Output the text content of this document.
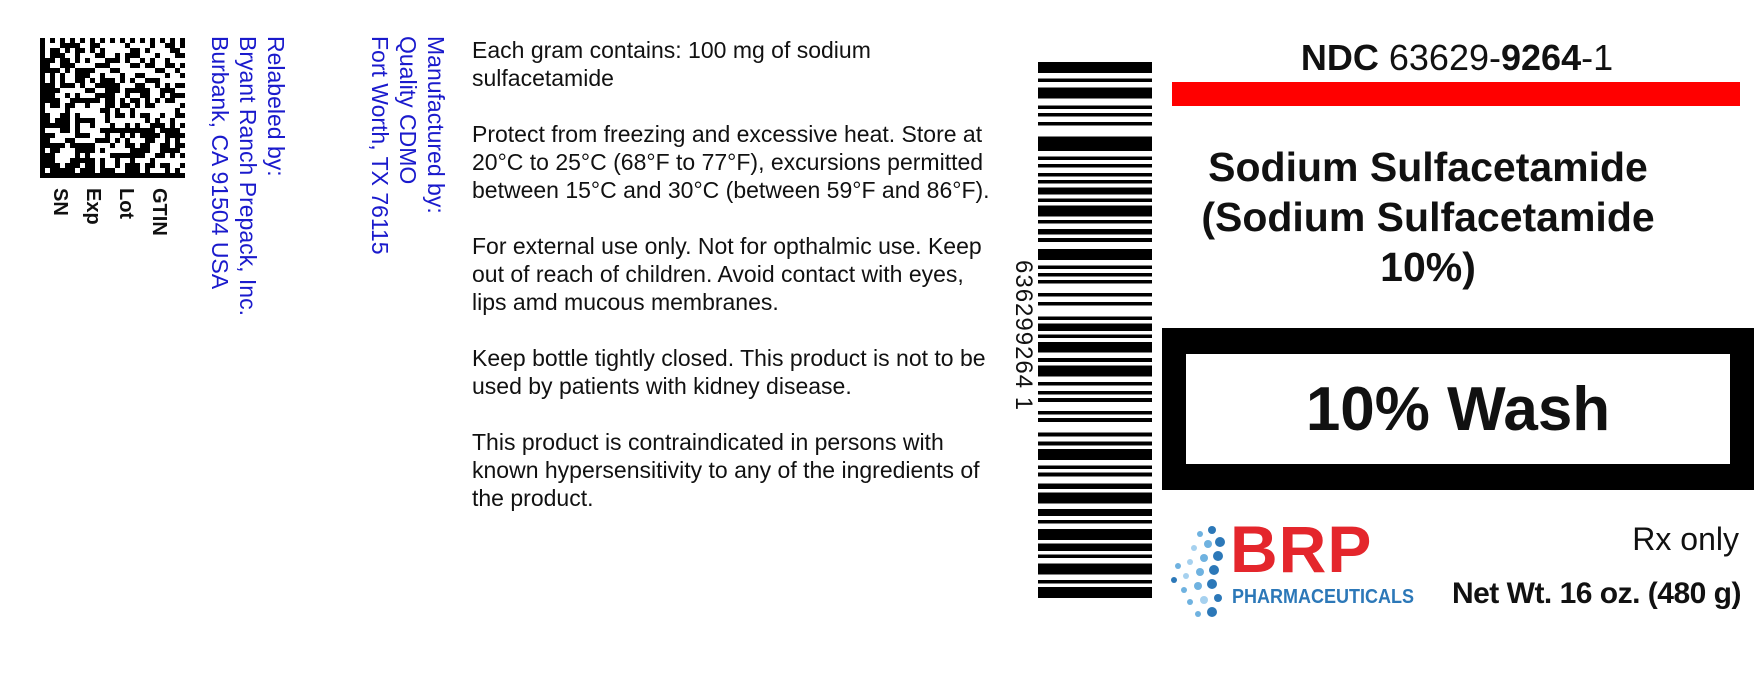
GTIN
Lot
Exp
SN
Relabeled by:
Bryant Ranch Prepack, Inc.
Burbank, CA 91504 USA	Manufactured by:
Quality CDMO
Fort Worth, TX 76115	Each gram contains: 100 mg of sodium sulfacetamide

Protect from freezing and excessive heat. Store at 20°C to 25°C (68°F to 77°F), excursions permitted between 15°C and 30°C (between 59°F and 86°F).

For external use only. Not for opthalmic use. Keep out of reach of children. Avoid contact with eyes, lips amd mucous membranes.

Keep bottle tightly closed. This product is not to be used by patients with kidney disease.

This product is contraindicated in persons with known hypersensitivity to any of the ingredients of the product.

636299264 1
NDC 63629-9264-1
Sodium Sulfacetamide
(Sodium Sulfacetamide
10%)
10% Wash
BRP
PHARMACEUTICALS
Rx only
Net Wt. 16 oz. (480 g)
